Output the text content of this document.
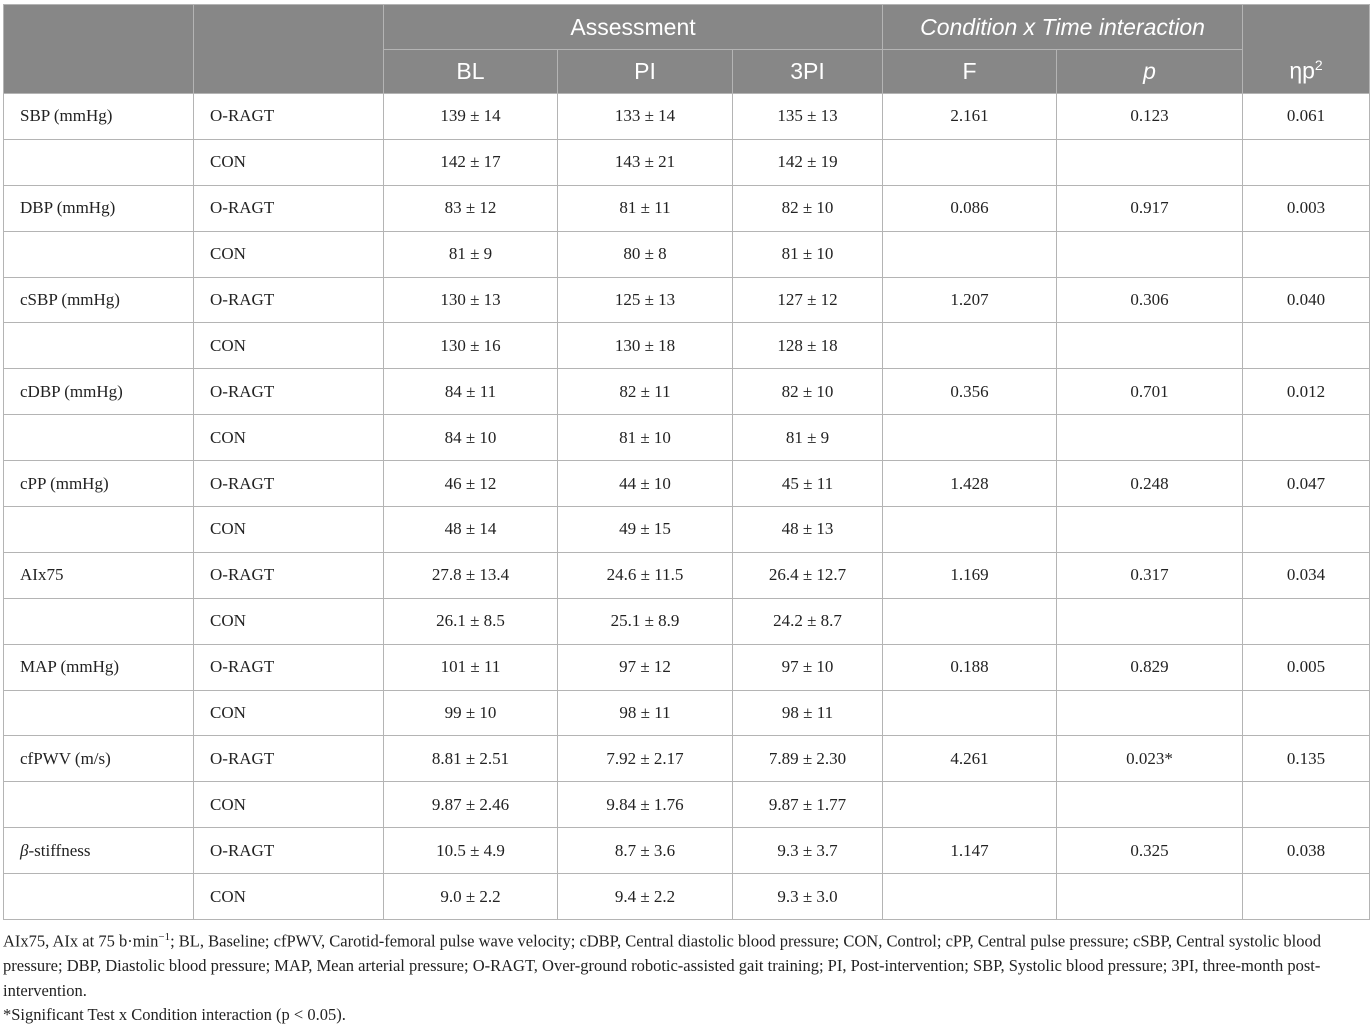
		Assessment			Condition x Time interaction		$\eta p^2$
		BL	PI	3PI	F	p	
SBP (mmHg)	O-RAGT	139 ± 14	133 ± 14	135 ± 13	2.161	0.123	0.061
	CON	142 ± 17	143 ± 21	142 ± 19			
DBP (mmHg)	O-RAGT	83 ± 12	81 ± 11	82 ± 10	0.086	0.917	0.003
	CON	81 ± 9	80 ± 8	81 ± 10			
cSBP (mmHg)	O-RAGT	130 ± 13	125 ± 13	127 ± 12	1.207	0.306	0.040
	CON	130 ± 16	130 ± 18	128 ± 18			
cDBP (mmHg)	O-RAGT	84 ± 11	82 ± 11	82 ± 10	0.356	0.701	0.012
	CON	84 ± 10	81 ± 10	81 ± 9			
cPP (mmHg)	O-RAGT	46 ± 12	44 ± 10	45 ± 11	1.428	0.248	0.047
	CON	48 ± 14	49 ± 15	48 ± 13			
AIx75	O-RAGT	27.8 ± 13.4	24.6 ± 11.5	26.4 ± 12.7	1.169	0.317	0.034
	CON	26.1 ± 8.5	25.1 ± 8.9	24.2 ± 8.7			
MAP (mmHg)	O-RAGT	101 ± 11	97 ± 12	97 ± 10	0.188	0.829	0.005
	CON	99 ± 10	98 ± 11	98 ± 11			
cfPWV (m/s)	O-RAGT	8.81 ± 2.51	7.92 ± 2.17	7.89 ± 2.30	4.261	0.023*	0.135
	CON	9.87 ± 2.46	9.84 ± 1.76	9.87 ± 1.77			
β-stiffness	O-RAGT	10.5 ± 4.9	8.7 ± 3.6	9.3 ± 3.7	1.147	0.325	0.038
	CON	9.0 ± 2.2	9.4 ± 2.2	9.3 ± 3.0			

AIx75, AIx at 75 $b\cdot\min^{-1}$; BL, Baseline; cfPWV, Carotid-femoral pulse wave velocity; cDBP, Central diastolic blood pressure; CON, Control; cPP, Central pulse pressure; cSBP, Central systolic blood pressure; DBP, Diastolic blood pressure; MAP, Mean arterial pressure; O-RAGT, Over-ground robotic-assisted gait training; PI, Post-intervention; SBP, Systolic blood pressure; 3PI, three-month post-intervention.

*Significant Test x Condition interaction (p < 0.05).
